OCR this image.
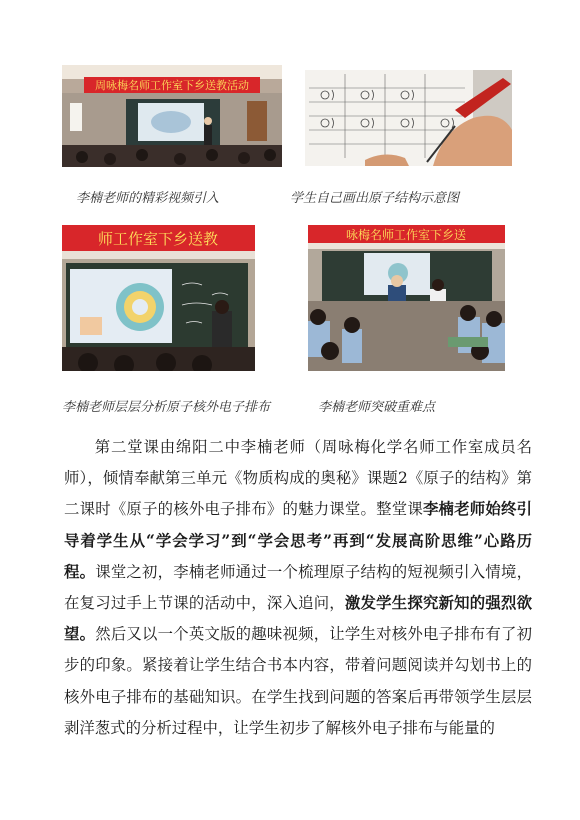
周咏梅名师工作室下乡送教活动

李楠老师的精彩视频引入	学生自己画出原子结构示意图

师工作室下乡送教	咏梅名师工作室下乡送

李楠老师层层分析原子核外电子排布	李楠老师突破重难点

第二堂课由绵阳二中李楠老师（周咏梅化学名师工作室成员名师），倾情奉献第三单元《物质构成的奥秘》课题2《原子的结构》第二课时《原子的核外电子排布》的魅力课堂。整堂课李楠老师始终引导着学生从“学会学习”到“学会思考”再到“发展高阶思维”心路历程。课堂之初，李楠老师通过一个梳理原子结构的短视频引入情境，在复习过手上节课的活动中，深入追问，激发学生探究新知的强烈欲望。然后又以一个英文版的趣味视频，让学生对核外电子排布有了初步的印象。紧接着让学生结合书本内容，带着问题阅读并勾划书上的核外电子排布的基础知识。在学生找到问题的答案后再带领学生层层剥洋葱式的分析过程中，让学生初步了解核外电子排布与能量的
